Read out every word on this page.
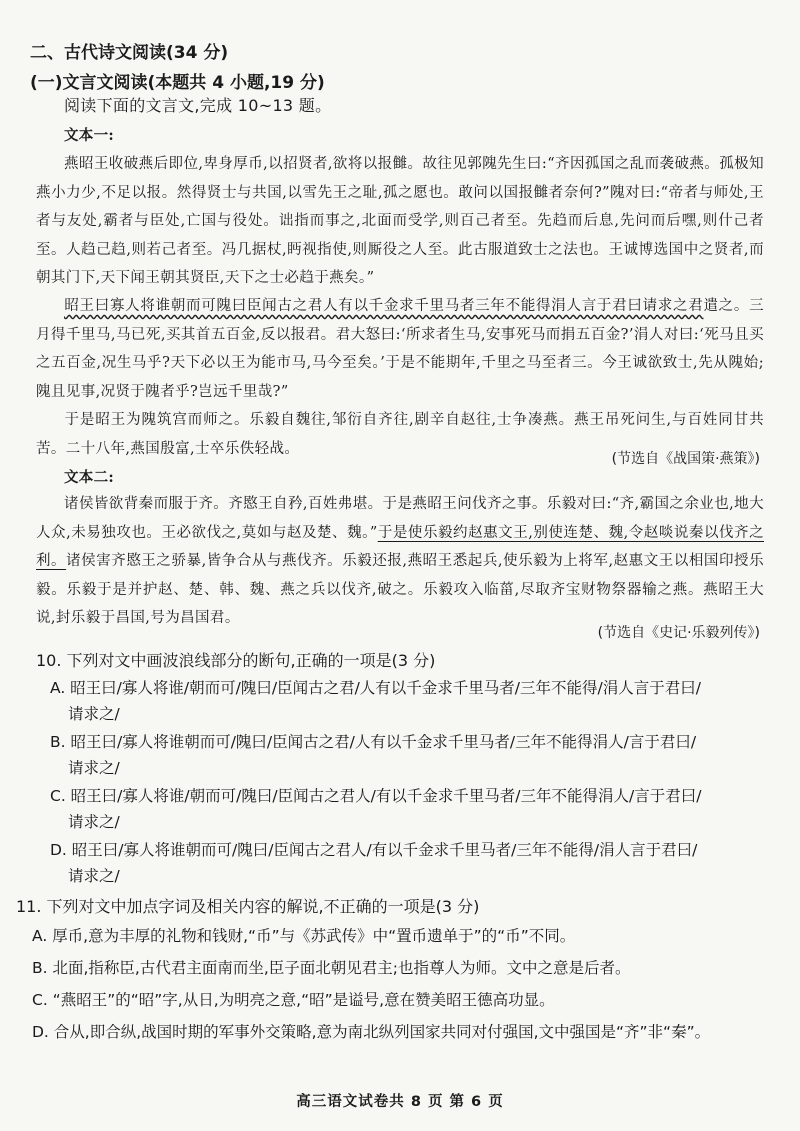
二、古代诗文阅读(34 分)
(一)文言文阅读(本题共 4 小题,19 分)
阅读下面的文言文,完成 10~13 题。
文本一:
燕昭王收破燕后即位,卑身厚币,以招贤者,欲将以报雠。故往见郭隗先生曰:“齐因孤国之乱而袭破燕。孤极知燕小力少,不足以报。然得贤士与共国,以雪先王之耻,孤之愿也。敢问以国报雠者奈何?”隗对曰:“帝者与师处,王者与友处,霸者与臣处,亡国与役处。诎指而事之,北面而受学,则百己者至。先趋而后息,先问而后嘿,则什己者至。人趋己趋,则若己者至。冯几据杖,眄视指使,则厮役之人至。此古服道致士之法也。王诚博选国中之贤者,而朝其门下,天下闻王朝其贤臣,天下之士必趋于燕矣。”
昭王曰寡人将谁朝而可隗曰臣闻古之君人有以千金求千里马者三年不能得涓人言于君曰请求之君遣之。三月得千里马,马已死,买其首五百金,反以报君。君大怒曰:‘所求者生马,安事死马而捐五百金?’涓人对曰:‘死马且买之五百金,况生马乎?天下必以王为能市马,马今至矣。’于是不能期年,千里之马至者三。今王诚欲致士,先从隗始;隗且见事,况贤于隗者乎?岂远千里哉?”
于是昭王为隗筑宫而师之。乐毅自魏往,邹衍自齐往,剧辛自赵往,士争凑燕。燕王吊死问生,与百姓同甘共苦。二十八年,燕国殷富,士卒乐佚轻战。
(节选自《战国策·燕策》)
文本二:
诸侯皆欲背秦而服于齐。齐愍王自矜,百姓弗堪。于是燕昭王问伐齐之事。乐毅对曰:“齐,霸国之余业也,地大人众,未易独攻也。王必欲伐之,莫如与赵及楚、魏。”于是使乐毅约赵惠文王,别使连楚、魏,令赵啖说秦以伐齐之利。诸侯害齐愍王之骄暴,皆争合从与燕伐齐。乐毅还报,燕昭王悉起兵,使乐毅为上将军,赵惠文王以相国印授乐毅。乐毅于是并护赵、楚、韩、魏、燕之兵以伐齐,破之。乐毅攻入临菑,尽取齐宝财物祭器输之燕。燕昭王大说,封乐毅于昌国,号为昌国君。
(节选自《史记·乐毅列传》)
10. 下列对文中画波浪线部分的断句,正确的一项是(3 分)
A. 昭王曰/寡人将谁/朝而可/隗曰/臣闻古之君/人有以千金求千里马者/三年不能得/涓人言于君曰/
请求之/
B. 昭王曰/寡人将谁朝而可/隗曰/臣闻古之君/人有以千金求千里马者/三年不能得涓人/言于君曰/
请求之/
C. 昭王曰/寡人将谁/朝而可/隗曰/臣闻古之君人/有以千金求千里马者/三年不能得涓人/言于君曰/
请求之/
D. 昭王曰/寡人将谁朝而可/隗曰/臣闻古之君人/有以千金求千里马者/三年不能得/涓人言于君曰/
请求之/
11. 下列对文中加点字词及相关内容的解说,不正确的一项是(3 分)
A. 厚币,意为丰厚的礼物和钱财,“币”与《苏武传》中“置币遗单于”的“币”不同。
B. 北面,指称臣,古代君主面南而坐,臣子面北朝见君主;也指尊人为师。文中之意是后者。
C. “燕昭王”的“昭”字,从日,为明亮之意,“昭”是谥号,意在赞美昭王德高功显。
D. 合从,即合纵,战国时期的军事外交策略,意为南北纵列国家共同对付强国,文中强国是“齐”非“秦”。
高三语文试卷共 8 页 第 6 页
